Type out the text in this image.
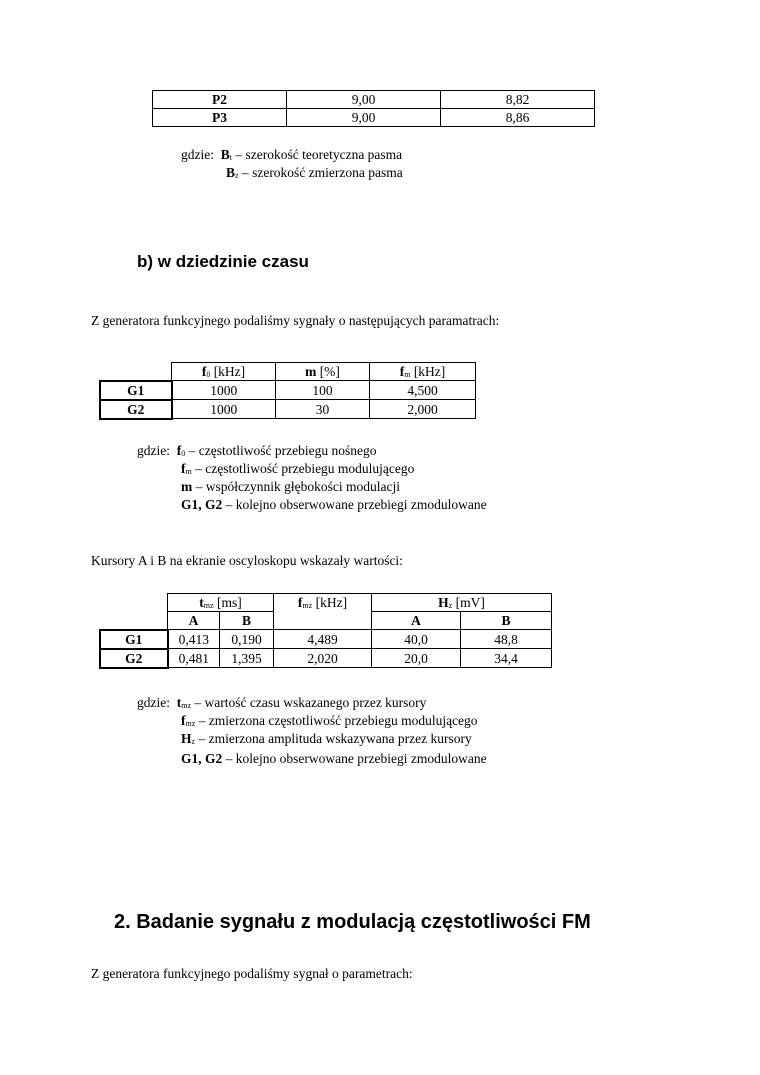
P2	9,00	8,82
P3	9,00	8,86
gdzie: $B_t$ – szerokość teoretyczna pasma
$B_z$ – szerokość zmierzona pasma
b) w dziedzinie czasu
Z generatora funkcyjnego podaliśmy sygnały o następujących paramatrach:
	$f_0$ [kHz]	m [%]	$f_m$ [kHz]
G1	1000	100	4,500
G2	1000	30	2,000
gdzie: $f_0$ – częstotliwość przebiegu nośnego
$f_m$ – częstotliwość przebiegu modulującego
m – współczynnik głębokości modulacji
G1, G2 – kolejno obserwowane przebiegi zmodulowane
Kursory A i B na ekranie oscyloskopu wskazały wartości:
	$t_{mz}$ [ms]		$f_{mz}$ [kHz]	$H_z$ [mV]	
	A	B		A	B
G1	0,413	0,190	4,489	40,0	48,8
G2	0,481	1,395	2,020	20,0	34,4
gdzie: $t_{mz}$ – wartość czasu wskazanego przez kursory
$f_{mz}$ – zmierzona częstotliwość przebiegu modulującego
$H_z$ – zmierzona amplituda wskazywana przez kursory
G1, G2 – kolejno obserwowane przebiegi zmodulowane
2. Badanie sygnału z modulacją częstotliwości FM
Z generatora funkcyjnego podaliśmy sygnał o parametrach:
